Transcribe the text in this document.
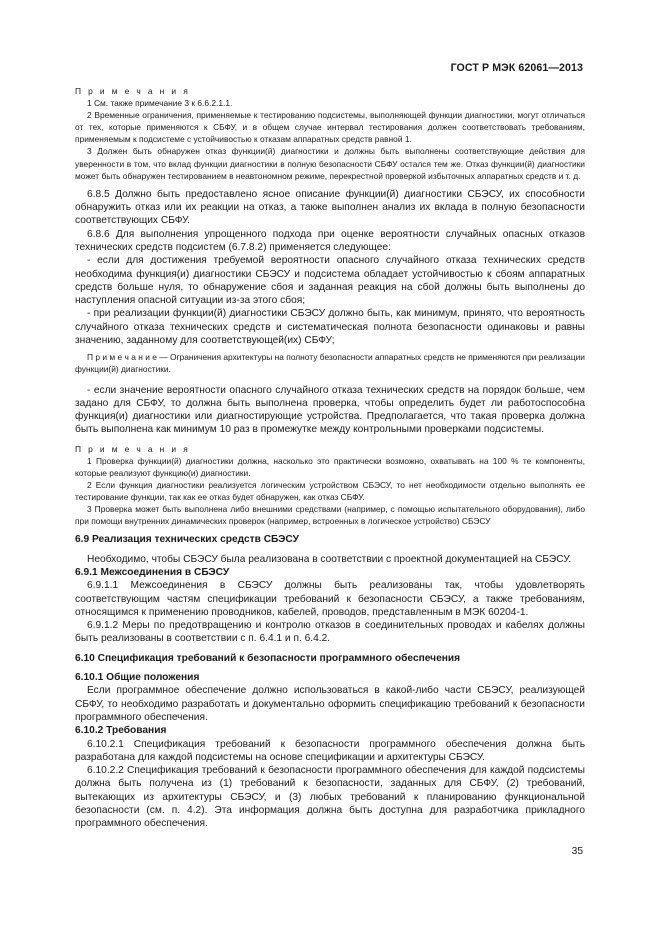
ГОСТ Р МЭК 62061—2013

П р и м е ч а н и я

1 См. также примечание 3 к 6.6.2.1.1.

2 Временные ограничения, применяемые к тестированию подсистемы, выполняющей функции диагностики, могут отличаться от тех, которые применяются к СБФУ, и в общем случае интервал тестирования должен соответствовать требованиям, применяемым к подсистеме с устойчивостью к отказам аппаратных средств равной 1.

3 Должен быть обнаружен отказ функции(й) диагностики и должны быть выполнены соответствующие действия для уверенности в том, что вклад функции диагностики в полную безопасности СБФУ остался тем же. Отказ функции(й) диагностики может быть обнаружен тестированием в неавтономном режиме, перекрестной проверкой избыточных аппаратных средств и т. д.

6.8.5 Должно быть предоставлено ясное описание функции(й) диагностики СБЭСУ, их способности обнаружить отказ или их реакции на отказ, а также выполнен анализ их вклада в полную безопасности соответствующих СБФУ.

6.8.6 Для выполнения упрощенного подхода при оценке вероятности случайных опасных отказов технических средств подсистем (6.7.8.2) применяется следующее:

- если для достижения требуемой вероятности опасного случайного отказа технических средств необходима функция(и) диагностики СБЭСУ и подсистема обладает устойчивостью к сбоям аппаратных средств больше нуля, то обнаружение сбоя и заданная реакция на сбой должны быть выполнены до наступления опасной ситуации из-за этого сбоя;

- при реализации функции(й) диагностики СБЭСУ должно быть, как минимум, принято, что вероятность случайного отказа технических средств и систематическая полнота безопасности одинаковы и равны значению, заданному для соответствующей(их) СБФУ;

П р и м е ч а н и е — Ограничения архитектуры на полноту безопасности аппаратных средств не применяются при реализации функции(й) диагностики.

- если значение вероятности опасного случайного отказа технических средств на порядок больше, чем задано для СБФУ, то должна быть выполнена проверка, чтобы определить будет ли работоспособна функция(и) диагностики или диагностирующие устройства. Предполагается, что такая проверка должна быть выполнена как минимум 10 раз в промежутке между контрольными проверками подсистемы.

П р и м е ч а н и я

1 Проверка функции(й) диагностики должна, насколько это практически возможно, охватывать на 100 % те компоненты, которые реализуют функцию(и) диагностики.

2 Если функция диагностики реализуется логическим устройством СБЭСУ, то нет необходимости отдельно выполнять ее тестирование функции, так как ее отказ будет обнаружен, как отказ СБФУ.

3 Проверка может быть выполнена либо внешними средствами (например, с помощью испытательного оборудования), либо при помощи внутренних динамических проверок (например, встроенных в логическое устройство) СБЭСУ

6.9 Реализация технических средств СБЭСУ

Необходимо, чтобы СБЭСУ была реализована в соответствии с проектной документацией на СБЭСУ.

6.9.1 Межсоединения в СБЭСУ

6.9.1.1 Межсоединения в СБЭСУ должны быть реализованы так, чтобы удовлетворять соответствующим частям спецификации требований к безопасности СБЭСУ, а также требованиям, относящимся к применению проводников, кабелей, проводов, представленным в МЭК 60204-1.

6.9.1.2 Меры по предотвращению и контролю отказов в соединительных проводах и кабелях должны быть реализованы в соответствии с п. 6.4.1 и п. 6.4.2.

6.10 Спецификация требований к безопасности программного обеспечения

6.10.1 Общие положения

Если программное обеспечение должно использоваться в какой-либо части СБЭСУ, реализующей СБФУ, то необходимо разработать и документально оформить спецификацию требований к безопасности программного обеспечения.

6.10.2 Требования

6.10.2.1 Спецификация требований к безопасности программного обеспечения должна быть разработана для каждой подсистемы на основе спецификации и архитектуры СБЭСУ.

6.10.2.2 Спецификация требований к безопасности программного обеспечения для каждой подсистемы должна быть получена из (1) требований к безопасности, заданных для СБФУ, (2) требований, вытекающих из архитектуры СБЭСУ, и (3) любых требований к планированию функциональной безопасности (см. п. 4.2). Эта информация должна быть доступна для разработчика прикладного программного обеспечения.

35
